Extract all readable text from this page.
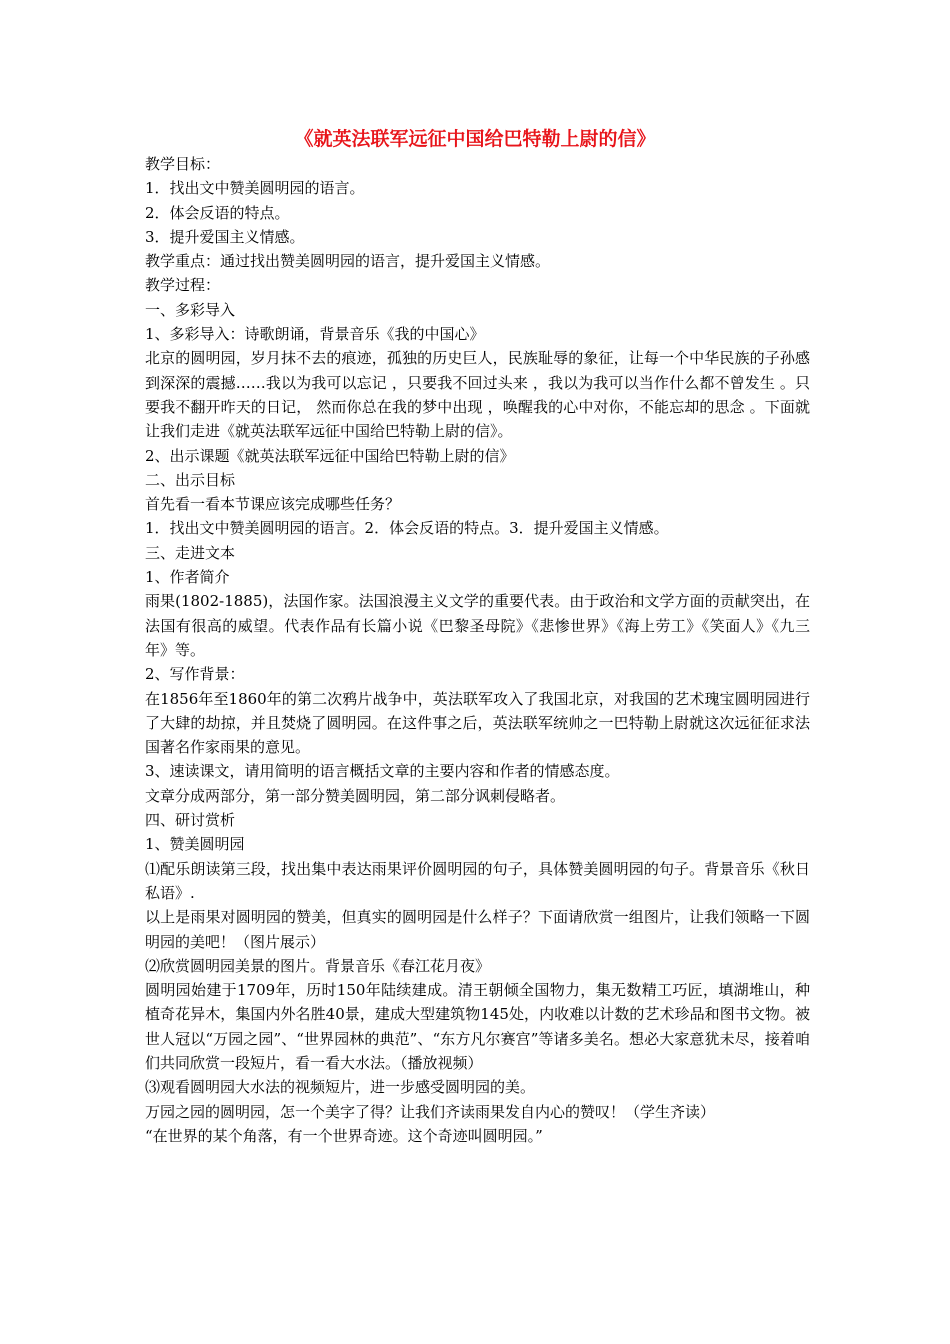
《就英法联军远征中国给巴特勒上尉的信》

教学目标：

1．找出文中赞美圆明园的语言。

2．体会反语的特点。

3．提升爱国主义情感。

教学重点：通过找出赞美圆明园的语言，提升爱国主义情感。

教学过程：

一、多彩导入

1、多彩导入：诗歌朗诵，背景音乐《我的中国心》

北京的圆明园，岁月抹不去的痕迹，孤独的历史巨人，民族耻辱的象征，让每一个中华民族的子孙感到深深的震撼……我以为我可以忘记 ，只要我不回过头来 ，我以为我可以当作什么都不曾发生 。只要我不翻开昨天的日记， 然而你总在我的梦中出现 ，唤醒我的心中对你，不能忘却的思念 。下面就让我们走进《就英法联军远征中国给巴特勒上尉的信》。

2、出示课题《就英法联军远征中国给巴特勒上尉的信》

二、出示目标

首先看一看本节课应该完成哪些任务？

1．找出文中赞美圆明园的语言。2．体会反语的特点。3．提升爱国主义情感。

三、走进文本

1、作者简介

雨果(1802-1885)，法国作家。法国浪漫主义文学的重要代表。由于政治和文学方面的贡献突出，在法国有很高的威望。代表作品有长篇小说《巴黎圣母院》《悲惨世界》《海上劳工》《笑面人》《九三年》等。

2、写作背景：

在1856年至1860年的第二次鸦片战争中，英法联军攻入了我国北京，对我国的艺术瑰宝圆明园进行了大肆的劫掠，并且焚烧了圆明园。在这件事之后，英法联军统帅之一巴特勒上尉就这次远征征求法国著名作家雨果的意见。

3、速读课文，请用简明的语言概括文章的主要内容和作者的情感态度。

文章分成两部分，第一部分赞美圆明园，第二部分讽刺侵略者。

四、研讨赏析

1、赞美圆明园

⑴配乐朗读第三段，找出集中表达雨果评价圆明园的句子，具体赞美圆明园的句子。背景音乐《秋日私语》.

以上是雨果对圆明园的赞美，但真实的圆明园是什么样子？下面请欣赏一组图片，让我们领略一下圆明园的美吧！（图片展示）

⑵欣赏圆明园美景的图片。背景音乐《春江花月夜》

圆明园始建于1709年，历时150年陆续建成。清王朝倾全国物力，集无数精工巧匠，填湖堆山，种植奇花异木，集国内外名胜40景，建成大型建筑物145处，内收难以计数的艺术珍品和图书文物。被世人冠以“万园之园”、“世界园林的典范”、“东方凡尔赛宫”等诸多美名。想必大家意犹未尽，接着咱们共同欣赏一段短片，看一看大水法。（播放视频）

⑶观看圆明园大水法的视频短片，进一步感受圆明园的美。

万园之园的圆明园，怎一个美字了得？让我们齐读雨果发自内心的赞叹！（学生齐读）

“在世界的某个角落，有一个世界奇迹。这个奇迹叫圆明园。”
